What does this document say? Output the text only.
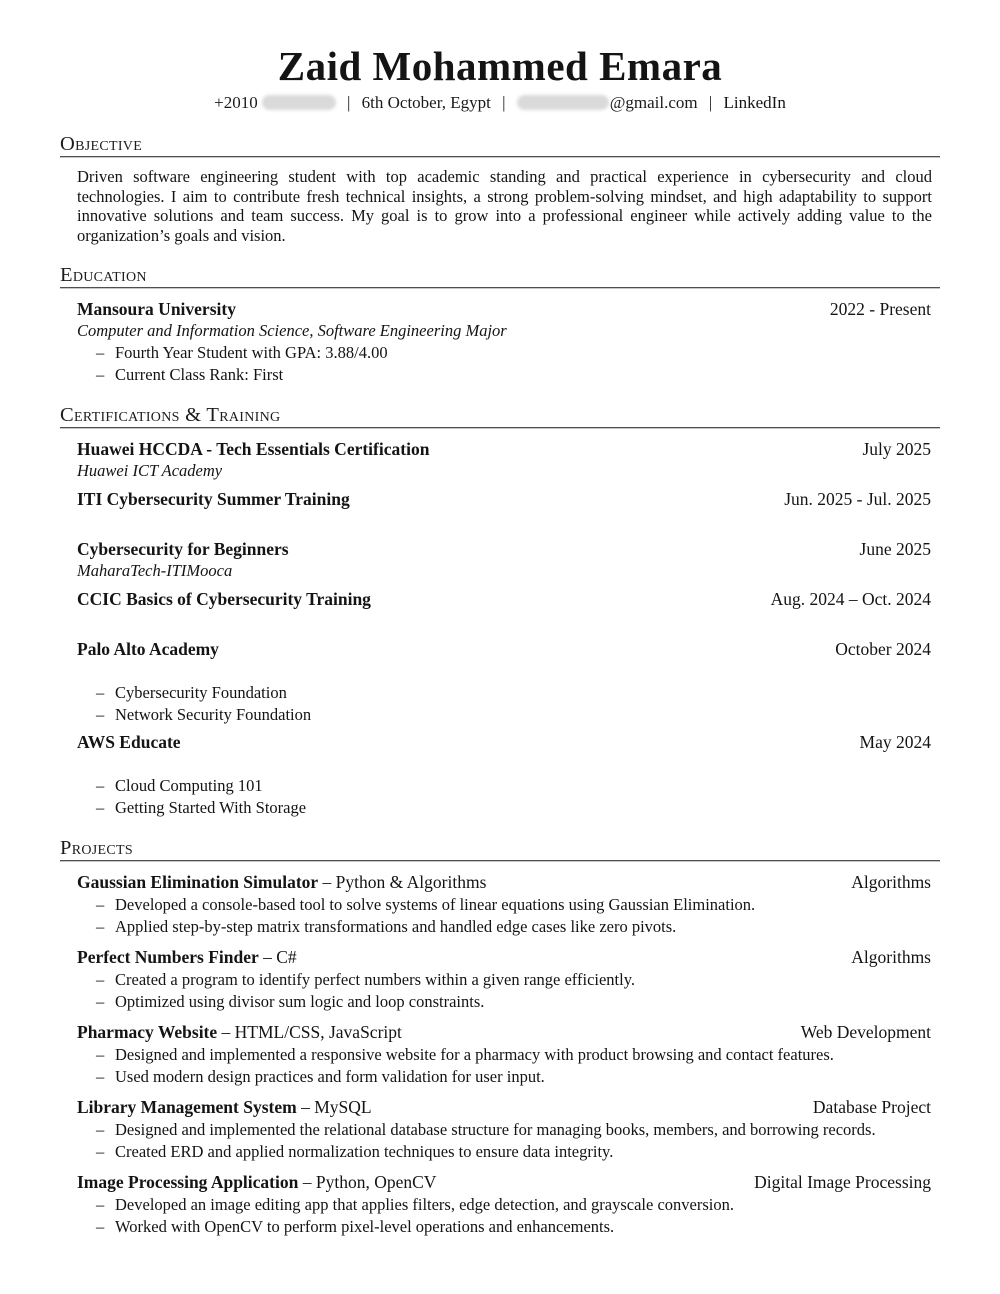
Zaid Mohammed Emara
+2010	| 6th October, Egypt |	@gmail.com | LinkedIn
Objective

Driven software engineering student with top academic standing and practical experience in cybersecurity and cloud technologies. I aim to contribute fresh technical insights, a strong problem-solving mindset, and high adaptability to support innovative solutions and team success. My goal is to grow into a professional engineer while actively adding value to the organization’s goals and vision.

Education
Mansoura University	2022 - Present
Computer and Information Science, Software Engineering Major
– Fourth Year Student with GPA: 3.88/4.00
– Current Class Rank: First
Certifications & Training
Huawei HCCDA - Tech Essentials Certification	July 2025
Huawei ICT Academy
ITI Cybersecurity Summer Training	Jun. 2025 - Jul. 2025
Cybersecurity for Beginners	June 2025
MaharaTech-ITIMooca
CCIC Basics of Cybersecurity Training	Aug. 2024 – Oct. 2024
Palo Alto Academy	October 2024
– Cybersecurity Foundation
– Network Security Foundation
AWS Educate	May 2024
– Cloud Computing 101
– Getting Started With Storage
Projects
Gaussian Elimination Simulator – Python & Algorithms	Algorithms
– Developed a console-based tool to solve systems of linear equations using Gaussian Elimination.
– Applied step-by-step matrix transformations and handled edge cases like zero pivots.
Perfect Numbers Finder – C#	Algorithms
– Created a program to identify perfect numbers within a given range efficiently.
– Optimized using divisor sum logic and loop constraints.
Pharmacy Website – HTML/CSS, JavaScript	Web Development
– Designed and implemented a responsive website for a pharmacy with product browsing and contact features.
– Used modern design practices and form validation for user input.
Library Management System – MySQL	Database Project
– Designed and implemented the relational database structure for managing books, members, and borrowing records.
– Created ERD and applied normalization techniques to ensure data integrity.
Image Processing Application – Python, OpenCV	Digital Image Processing
– Developed an image editing app that applies filters, edge detection, and grayscale conversion.
– Worked with OpenCV to perform pixel-level operations and enhancements.
